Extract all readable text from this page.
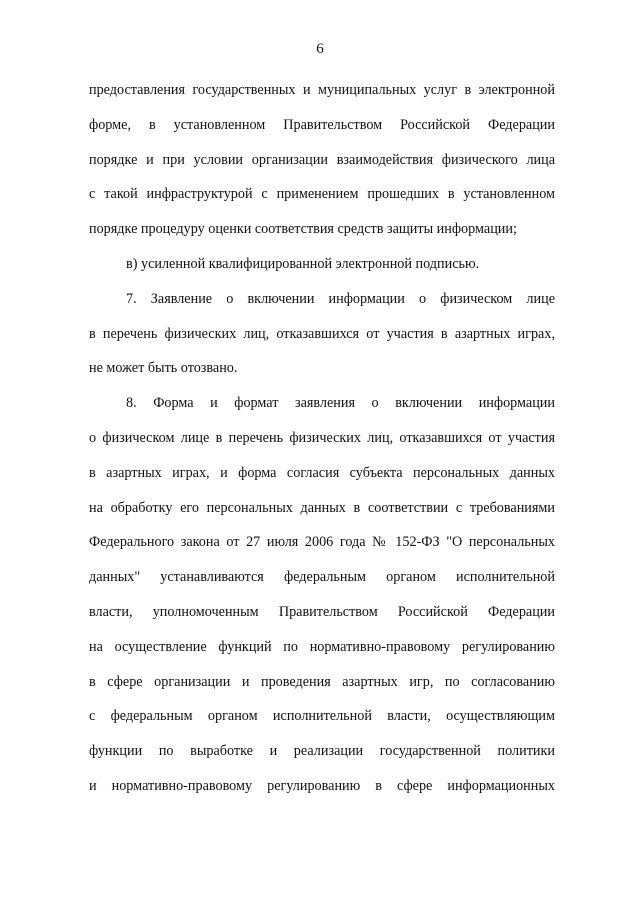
6
предоставления государственных и муниципальных услуг в электронной
форме, в установленном Правительством Российской Федерации
порядке и при условии организации взаимодействия физического лица
с такой инфраструктурой с применением прошедших в установленном
порядке процедуру оценки соответствия средств защиты информации;
в) усиленной квалифицированной электронной подписью.
7. Заявление о включении информации о физическом лице
в перечень физических лиц, отказавшихся от участия в азартных играх,
не может быть отозвано.
8. Форма и формат заявления о включении информации
о физическом лице в перечень физических лиц, отказавшихся от участия
в азартных играх, и форма согласия субъекта персональных данных
на обработку его персональных данных в соответствии с требованиями
Федерального закона от 27 июля 2006 года № 152-ФЗ "О персональных
данных" устанавливаются федеральным органом исполнительной
власти, уполномоченным Правительством Российской Федерации
на осуществление функций по нормативно-правовому регулированию
в сфере организации и проведения азартных игр, по согласованию
с федеральным органом исполнительной власти, осуществляющим
функции по выработке и реализации государственной политики
и нормативно-правовому регулированию в сфере информационных
